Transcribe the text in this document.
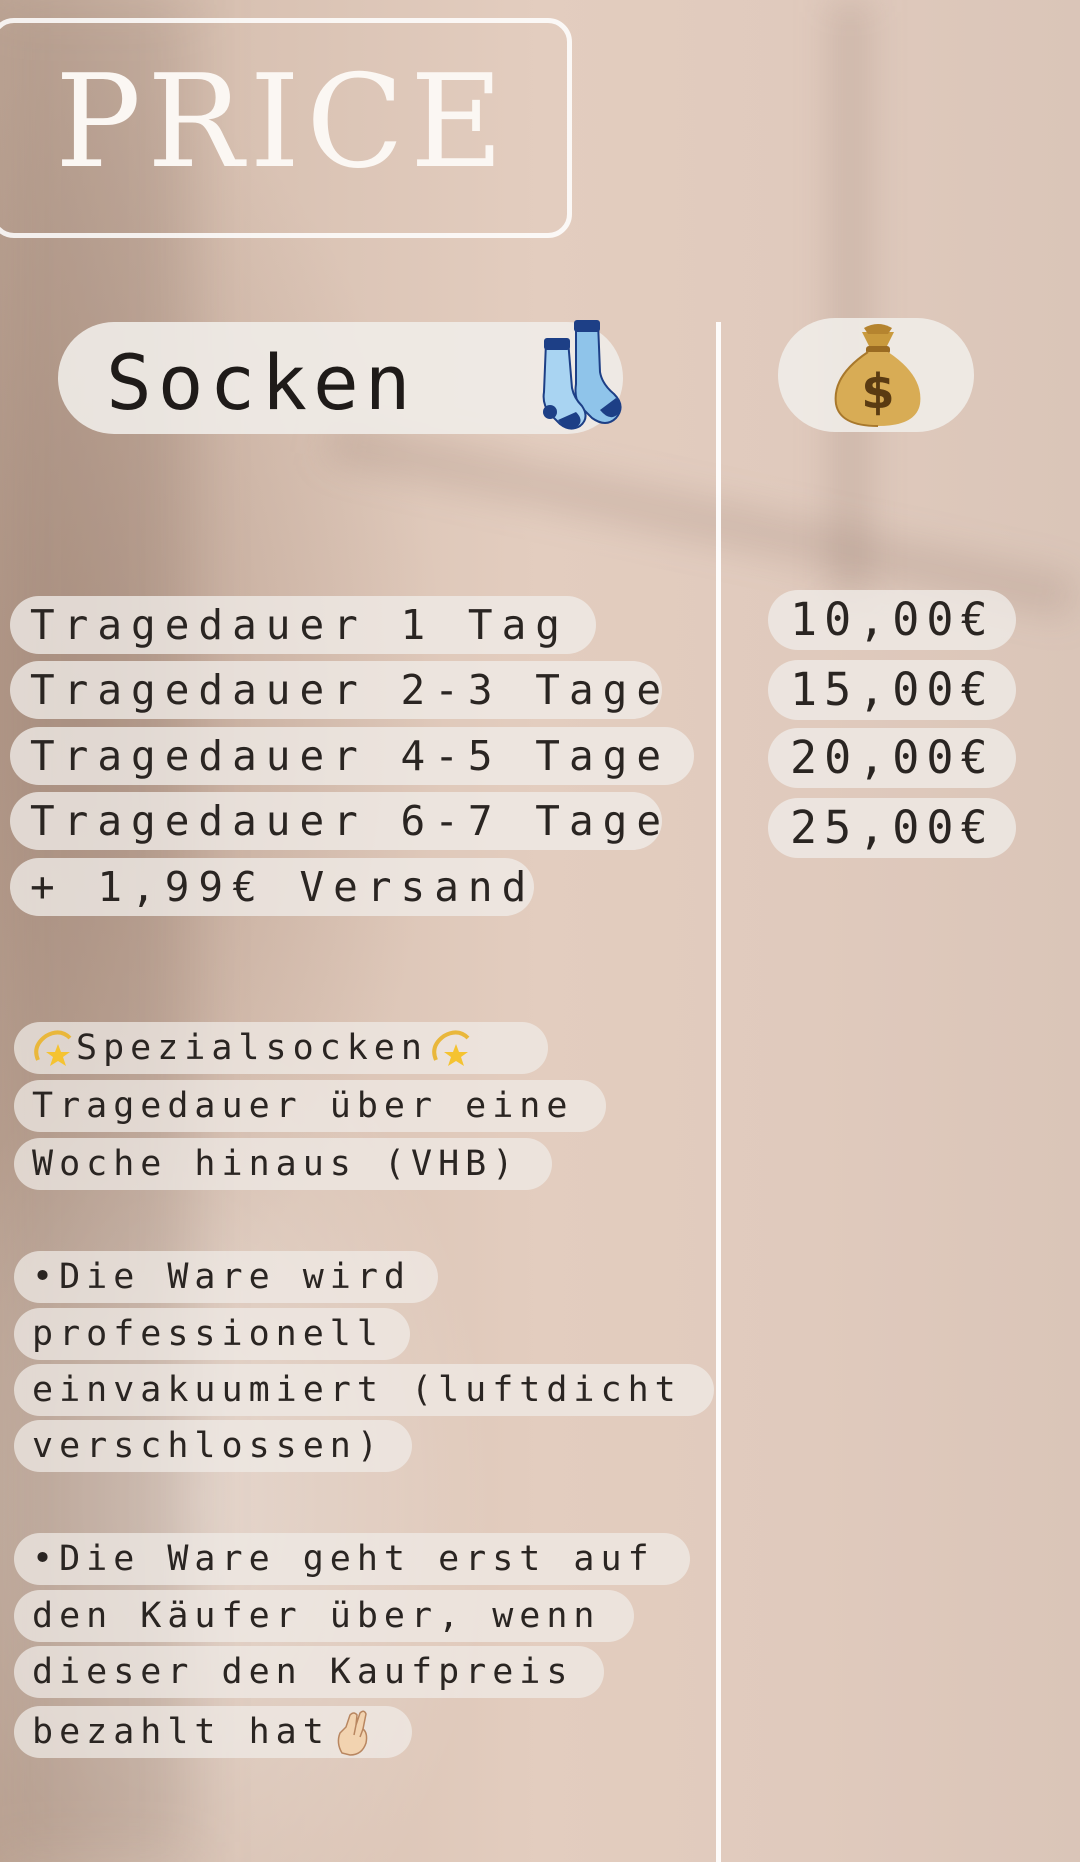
PRICE
Socken	$
Tragedauer 1 Tag
Tragedauer 2-3 Tage
Tragedauer 4-5 Tage
Tragedauer 6-7 Tage
+ 1,99€ Versand
10,00€
15,00€
20,00€
25,00€
Spezialsocken
Tragedauer über eine
Woche hinaus (VHB)
•Die Ware wird
professionell
einvakuumiert (luftdicht
verschlossen)
•Die Ware geht erst auf
den Käufer über, wenn
dieser den Kaufpreis
bezahlt hat
